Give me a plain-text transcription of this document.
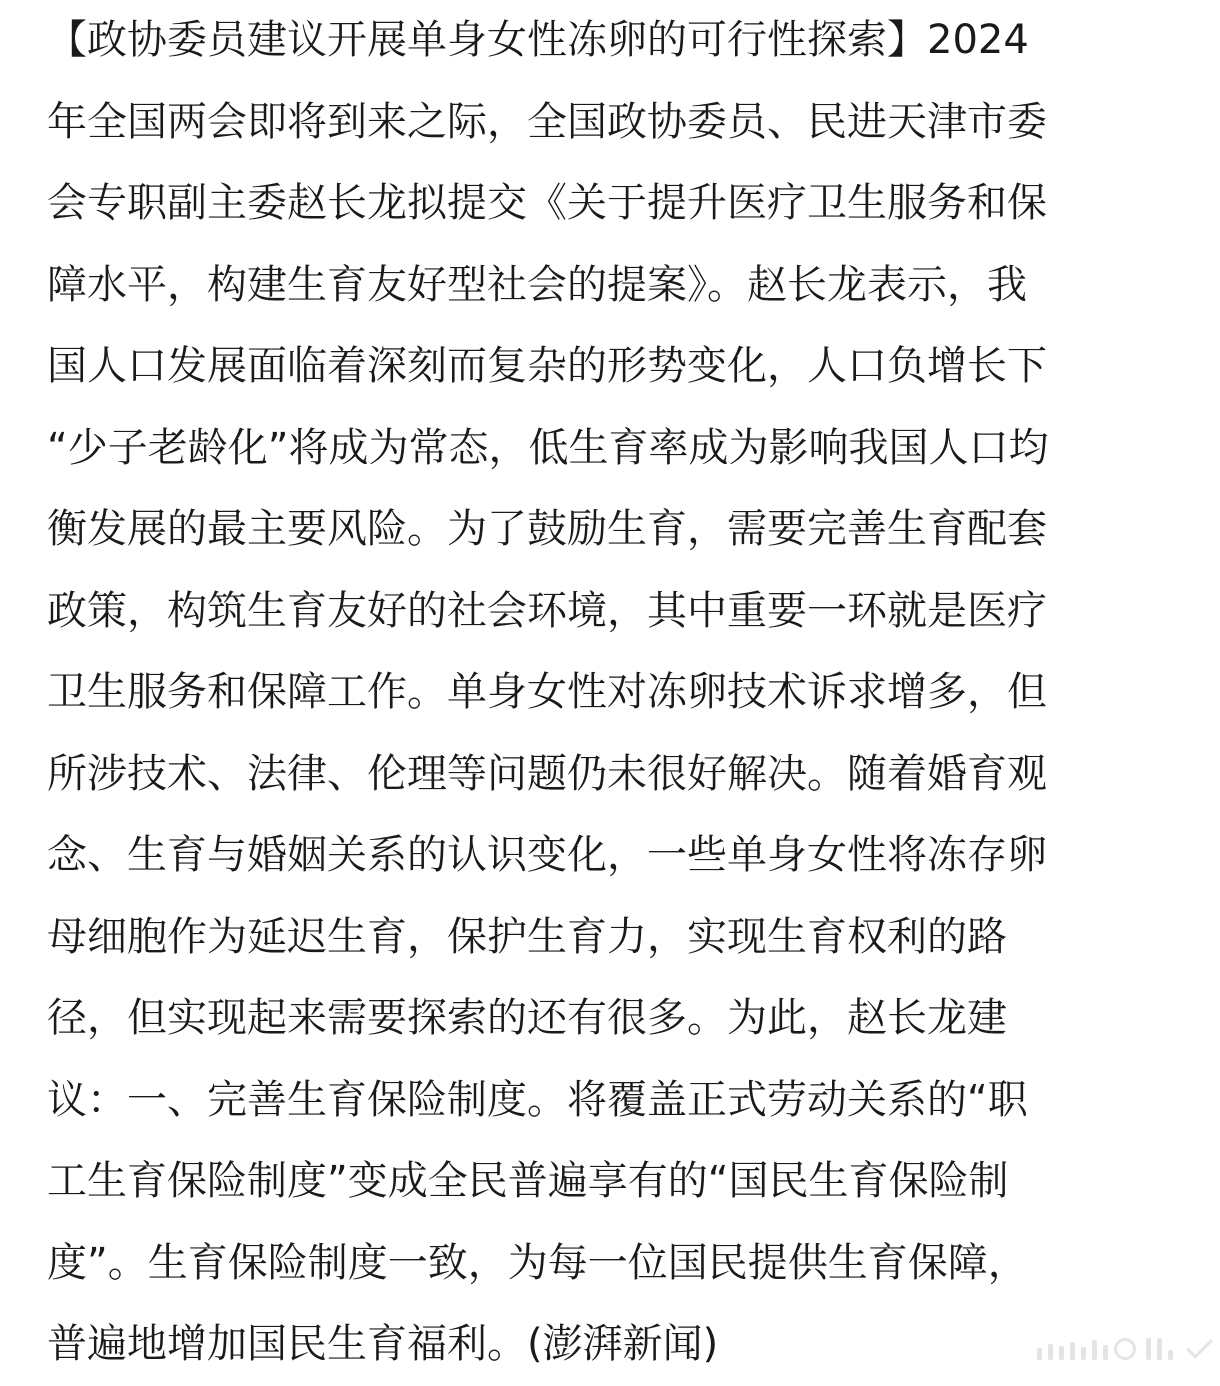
【政协委员建议开展单身女性冻卵的可行性探索】2024
年全国两会即将到来之际，全国政协委员、民进天津市委
会专职副主委赵长龙拟提交《关于提升医疗卫生服务和保
障水平，构建生育友好型社会的提案》。赵长龙表示，我
国人口发展面临着深刻而复杂的形势变化，人口负增长下
“少子老龄化”将成为常态，低生育率成为影响我国人口均
衡发展的最主要风险。为了鼓励生育，需要完善生育配套
政策，构筑生育友好的社会环境，其中重要一环就是医疗
卫生服务和保障工作。单身女性对冻卵技术诉求增多，但
所涉技术、法律、伦理等问题仍未很好解决。随着婚育观
念、生育与婚姻关系的认识变化，一些单身女性将冻存卵
母细胞作为延迟生育，保护生育力，实现生育权利的路
径，但实现起来需要探索的还有很多。为此，赵长龙建
议：一、完善生育保险制度。将覆盖正式劳动关系的“职
工生育保险制度”变成全民普遍享有的“国民生育保险制
度”。生育保险制度一致，为每一位国民提供生育保障，
普遍地增加国民生育福利。(澎湃新闻)
